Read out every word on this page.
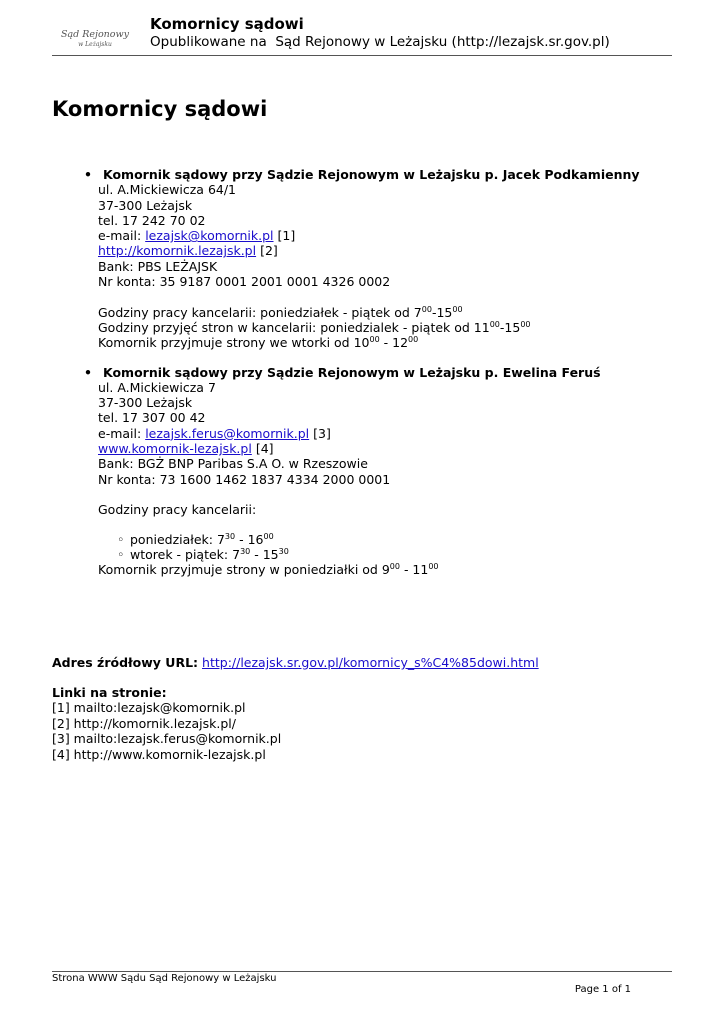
Sąd Rejonowy
w Leżajsku
Komornicy sądowi
Opublikowane na Sąd Rejonowy w Leżajsku (http://lezajsk.sr.gov.pl)
Komornicy sądowi
• Komornik sądowy przy Sądzie Rejonowym w Leżajsku p. Jacek Podkamienny
ul. A.Mickiewicza 64/1
37-300 Leżajsk
tel. 17 242 70 02
e-mail: lezajsk@komornik.pl [1]
http://komornik.lezajsk.pl [2]
Bank: PBS LEŻAJSK
Nr konta: 35 9187 0001 2001 0001 4326 0002
Godziny pracy kancelarii: poniedziałek - piątek od $7^{00}-15^{00}$
Godziny przyjęć stron w kancelarii: poniedzialek - piątek od $11^{00}-15^{00}$
Komornik przyjmuje strony we wtorki od $10^{00} - 12^{00}$
• Komornik sądowy przy Sądzie Rejonowym w Leżajsku p. Ewelina Feruś
ul. A.Mickiewicza 7
37-300 Leżajsk
tel. 17 307 00 42
e-mail: lezajsk.ferus@komornik.pl [3]
www.komornik-lezajsk.pl [4]
Bank: BGŻ BNP Paribas S.A O. w Rzeszowie
Nr konta: 73 1600 1462 1837 4334 2000 0001
Godziny pracy kancelarii:
◦ poniedziałek: $7^{30} - 16^{00}$
◦ wtorek - piątek: $7^{30} - 15^{30}$
Komornik przyjmuje strony w poniedziałki od $9^{00} - 11^{00}$
Adres źródłowy URL: http://lezajsk.sr.gov.pl/komornicy_s%C4%85dowi.html
Linki na stronie:
[1] mailto:lezajsk@komornik.pl
[2] http://komornik.lezajsk.pl/
[3] mailto:lezajsk.ferus@komornik.pl
[4] http://www.komornik-lezajsk.pl
Strona WWW Sądu Sąd Rejonowy w Leżajsku
Page 1 of 1
